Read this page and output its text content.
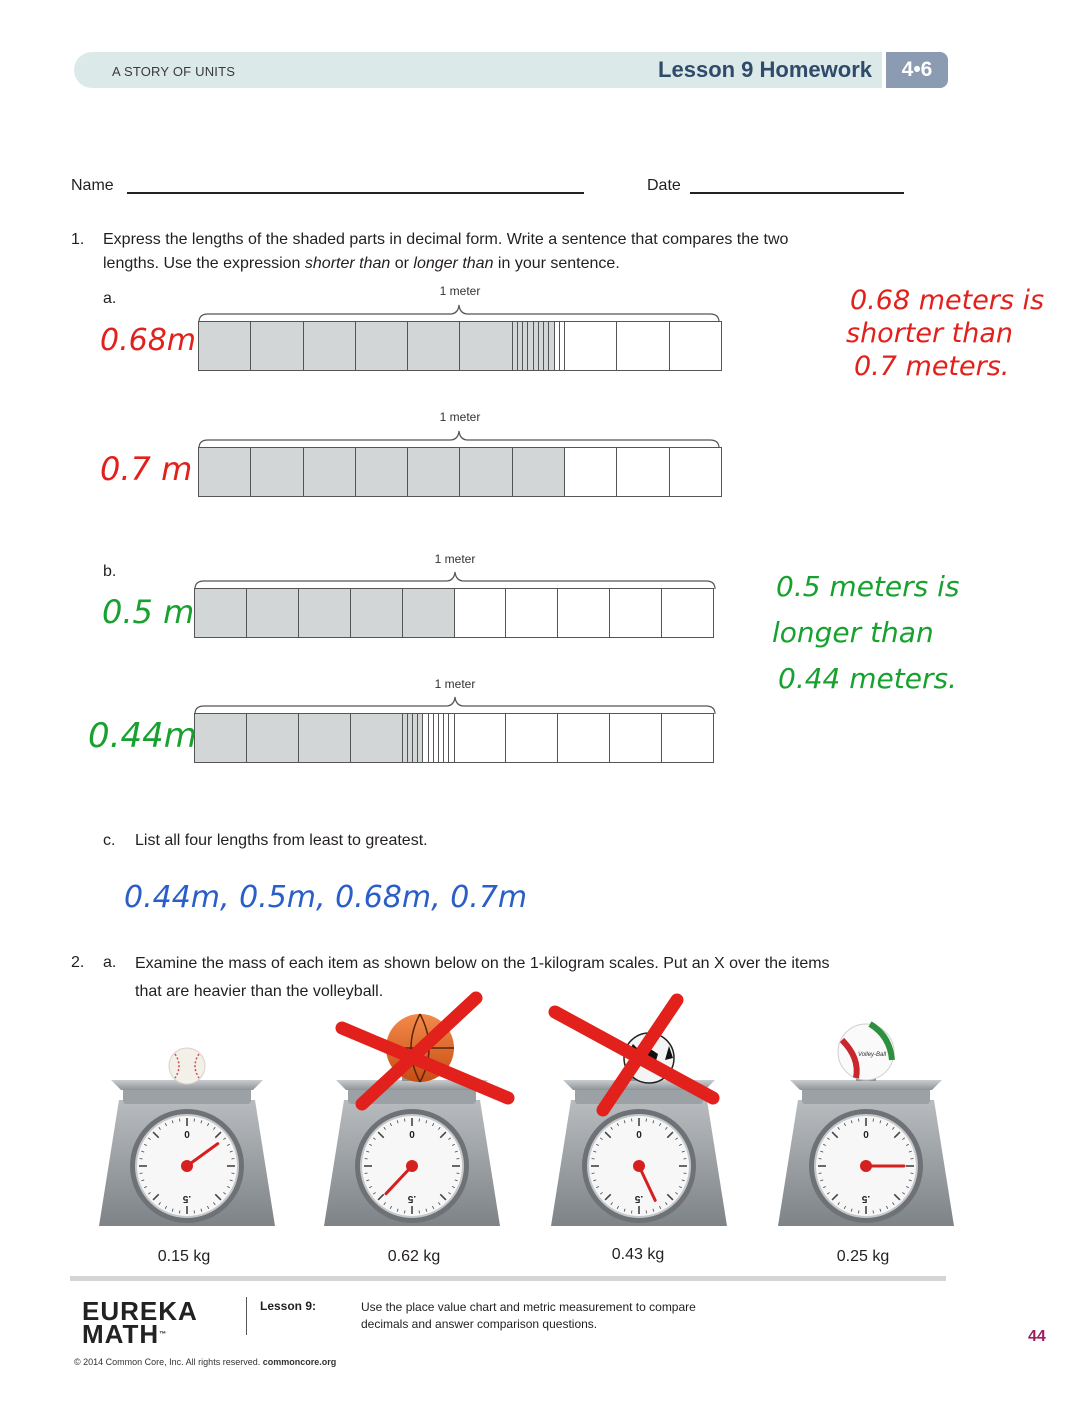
A STORY OF UNITS	Lesson 9 Homework	4•6
Name	Date
1. Express the lengths of the shaded parts in decimal form. Write a sentence that compares the two
lengths. Use the expression shorter than or longer than in your sentence.
a.	1 meter
1 meter
0.68m
0.7 m
0.68 meters is
shorter than
0.7 meters.
b.
1 meter
1 meter
0.5 m
0.44m
0.5 meters is
longer than
0.44 meters.
c. List all four lengths from least to greatest.
0.44m, 0.5m, 0.68m, 0.7m
2. a. Examine the mass of each item as shown below on the 1-kilogram scales. Put an X over the items
that are heavier than the volleyball.
0
.5
0
.5
0
.5
0
.5
Volley-Ball
0.15 kg	0.62 kg	0.43 kg	0.25 kg
EUREKA
MATH™
Lesson 9:	Use the place value chart and metric measurement to compare
decimals and answer comparison questions.
44
© 2014 Common Core, Inc. All rights reserved. commoncore.org
